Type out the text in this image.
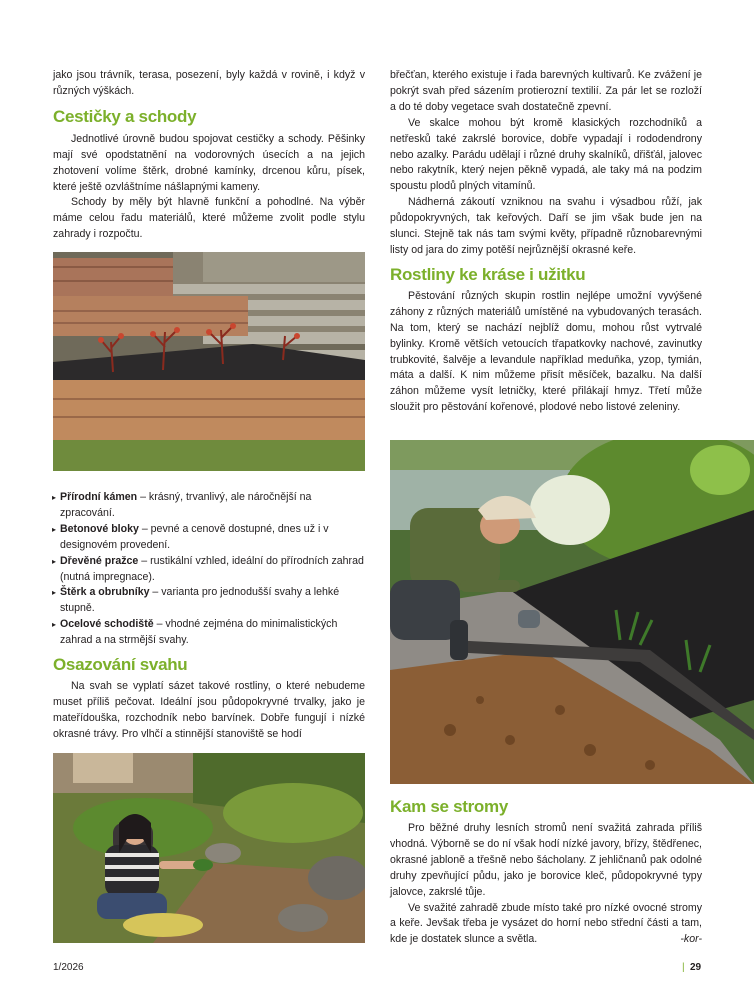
jako jsou trávník, terasa, posezení, byly každá v rovině, i když v různých výškách.

Cestičky a schody

Jednotlivé úrovně budou spojovat cestičky a schody. Pěšinky mají své opodstatnění na vodorovných úsecích a na jejich zhotovení volíme štěrk, drobné kamínky, drcenou kůru, písek, které ještě ozvláštníme nášlapnými kameny.

Schody by měly být hlavně funkční a pohodlné. Na výběr máme celou řadu materiálů, které můžeme zvolit podle stylu zahrady i rozpočtu.

▸ Přírodní kámen – krásný, trvanlivý, ale náročnější na zpracování.
▸ Betonové bloky – pevné a cenově dostupné, dnes už i v designovém provedení.
▸ Dřevěné pražce – rustikální vzhled, ideální do přírodních zahrad (nutná impregnace).
▸ Štěrk a obrubníky – varianta pro jednodušší svahy a lehké stupně.
▸ Ocelové schodiště – vhodné zejména do minimalistických zahrad a na strmější svahy.
Osazování svahu

Na svah se vyplatí sázet takové rostliny, o které nebudeme muset příliš pečovat. Ideální jsou půdopokryvné trvalky, jako je mateřídouška, rozchodník nebo barvínek. Dobře fungují i nízké okrasné trávy. Pro vlhčí a stinnější stanoviště se hodí

břečťan, kterého existuje i řada barevných kultivarů. Ke zvážení je pokrýt svah před sázením protierozní textilií. Za pár let se rozloží a do té doby vegetace svah dostatečně zpevní.

Ve skalce mohou být kromě klasických rozchodníků a netřesků také zakrslé borovice, dobře vypadají i rododendrony nebo azalky. Parádu udělají i různé druhy skalníků, dřišťál, jalovec nebo rakytník, který nejen pěkně vypadá, ale taky má na podzim spoustu plodů plných vitamínů.

Nádherná zákoutí vzniknou na svahu i výsadbou růží, jak půdopokryvných, tak keřových. Daří se jim však bude jen na slunci. Stejně tak nás tam svými květy, případně různobarevnými listy od jara do zimy potěší nejrůznější okrasné keře.

Rostliny ke kráse i užitku

Pěstování různých skupin rostlin nejlépe umožní vyvýšené záhony z různých materiálů umístěné na vybudovaných terasách. Na tom, který se nachází nejblíž domu, mohou růst vytrvalé bylinky. Kromě větších vetoucích třapatkovky nachové, zavinutky trubkovité, šalvěje a levandule například meduňka, yzop, tymián, máta a další. K nim můžeme přisít měsíček, bazalku. Na další záhon můžeme vysít letničky, které přilákají hmyz. Třetí může sloužit pro pěstování kořenové, plodové nebo listové zeleniny.

Kam se stromy

Pro běžné druhy lesních stromů není svažitá zahrada příliš vhodná. Výborně se do ní však hodí nízké javory, břízy, štědřenec, okrasné jabloně a třešně nebo šácholany. Z jehličnanů pak odolné druhy zpevňující půdu, jako je borovice kleč, půdopokryvné typy jalovce, zakrslé tůje.

Ve svažité zahradě zbude místo také pro nízké ovocné stromy a keře. Jevšak třeba je vysázet do horní nebo střední části a tam, kde je dostatek slunce a světla.	-kor-

1/2026	| 29
